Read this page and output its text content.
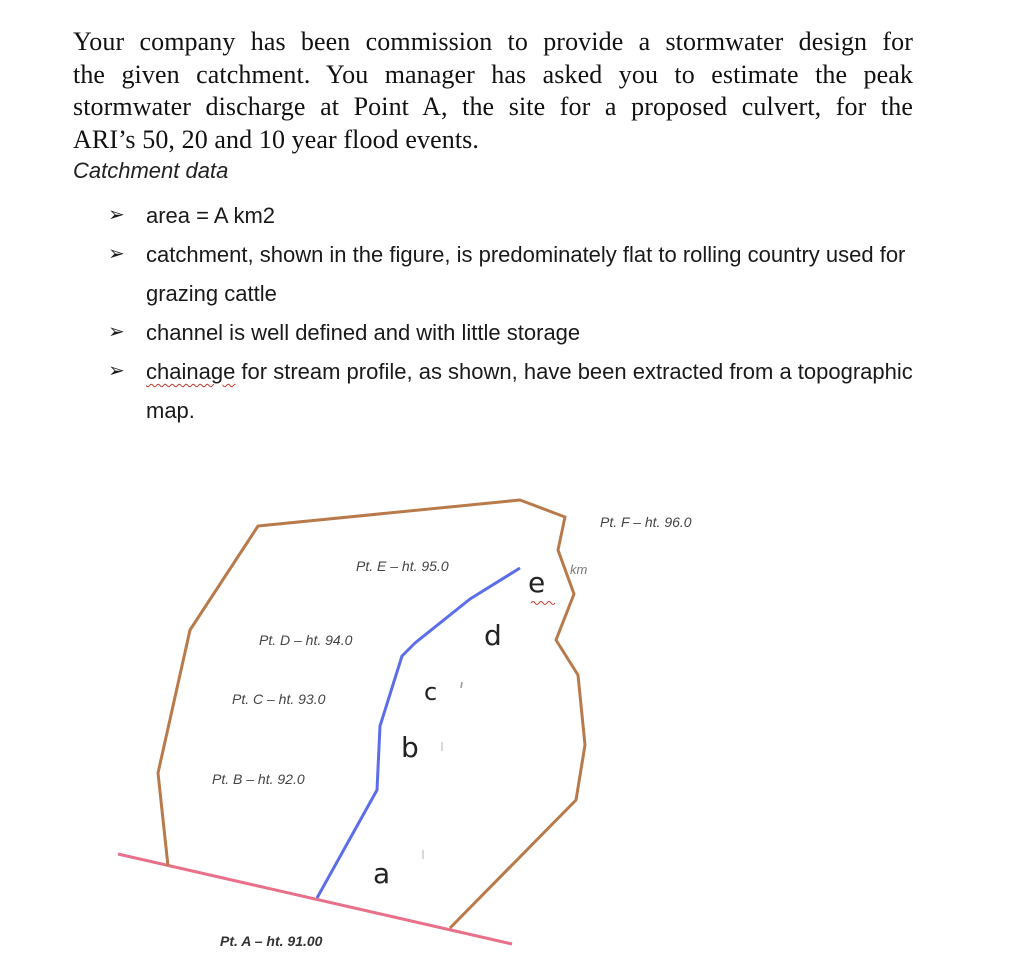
Your company has been commission to provide a stormwater design for
the given catchment. You manager has asked you to estimate the peak
stormwater discharge at Point A, the site for a proposed culvert, for the
ARI’s 50, 20 and 10 year flood events.

Catchment data

➢ area = A km2
➢ catchment, shown in the figure, is predominately flat to rolling country used for grazing cattle
➢ channel is well defined and with little storage
➢ chainage for stream profile, as shown, have been extracted from a topographic map.
Pt. E – ht. 95.0
Pt. F – ht. 96.0
Pt. D – ht. 94.0
Pt. C – ht. 93.0
Pt. B – ht. 92.0
Pt. A – ht. 91.00
km
a
b
c
d
e
